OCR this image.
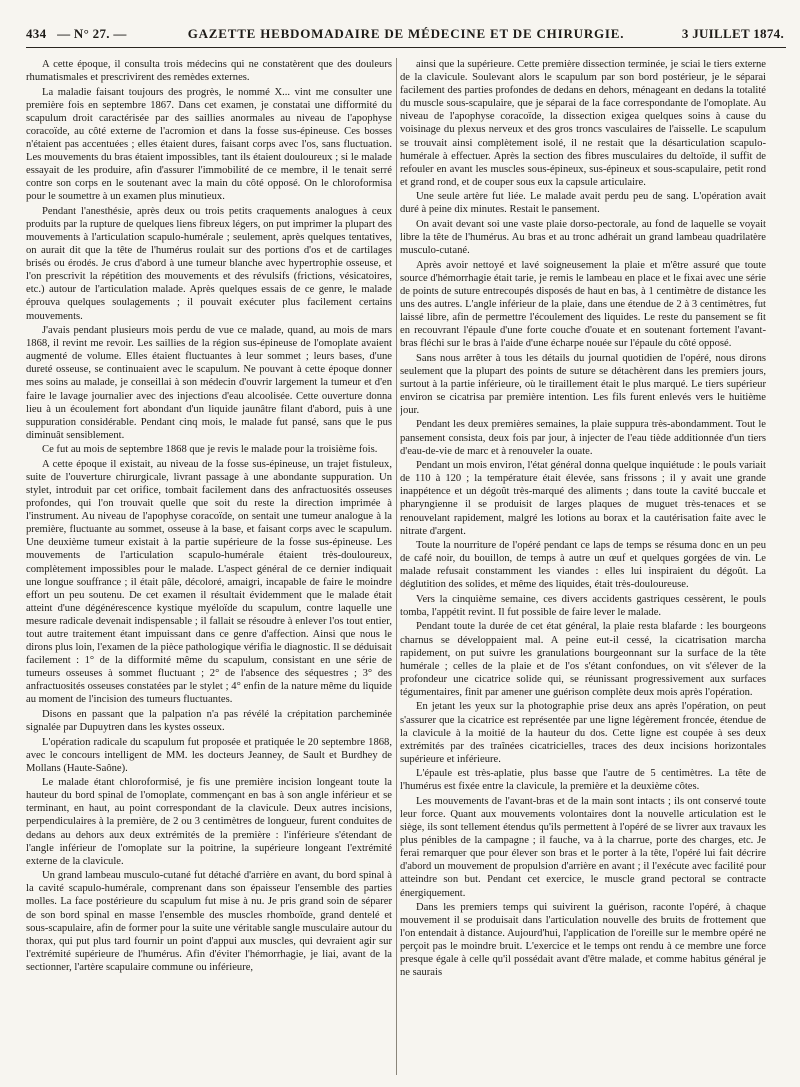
434 — N° 27. —	GAZETTE HEBDOMADAIRE DE MÉDECINE ET DE CHIRURGIE.	3 JUILLET 1874.

A cette époque, il consulta trois médecins qui ne constatèrent que des douleurs rhumatismales et prescrivirent des remèdes externes.

La maladie faisant toujours des progrès, le nommé X... vint me consulter une première fois en septembre 1867. Dans cet examen, je constatai une difformité du scapulum droit caractérisée par des saillies anormales au niveau de l'apophyse coracoïde, au côté externe de l'acromion et dans la fosse sus-épineuse. Ces bosses n'étaient pas accentuées ; elles étaient dures, faisant corps avec l'os, sans fluctuation. Les mouvements du bras étaient impossibles, tant ils étaient douloureux ; si le malade essayait de les produire, afin d'assurer l'immobilité de ce membre, il le tenait serré contre son corps en le soutenant avec la main du côté opposé. On le chloroformisa pour le soumettre à un examen plus minutieux.

Pendant l'anesthésie, après deux ou trois petits craquements analogues à ceux produits par la rupture de quelques liens fibreux légers, on put imprimer la plupart des mouvements à l'articulation scapulo-humérale ; seulement, après quelques tentatives, on aurait dit que la tête de l'humérus roulait sur des portions d'os et de cartilages brisés ou érodés. Je crus d'abord à une tumeur blanche avec hypertrophie osseuse, et l'on prescrivit la répétition des mouvements et des révulsifs (frictions, vésicatoires, etc.) autour de l'articulation malade. Après quelques essais de ce genre, le malade éprouva quelques soulagements ; il pouvait exécuter plus facilement certains mouvements.

J'avais pendant plusieurs mois perdu de vue ce malade, quand, au mois de mars 1868, il revint me revoir. Les saillies de la région sus-épineuse de l'omoplate avaient augmenté de volume. Elles étaient fluctuantes à leur sommet ; leurs bases, d'une dureté osseuse, se continuaient avec le scapulum. Ne pouvant à cette époque donner mes soins au malade, je conseillai à son médecin d'ouvrir largement la tumeur et d'en faire le lavage journalier avec des injections d'eau alcoolisée. Cette ouverture donna lieu à un écoulement fort abondant d'un liquide jaunâtre filant d'abord, puis à une suppuration considérable. Pendant cinq mois, le malade fut pansé, sans que le pus diminuât sensiblement.

Ce fut au mois de septembre 1868 que je revis le malade pour la troisième fois.

A cette époque il existait, au niveau de la fosse sus-épineuse, un trajet fistuleux, suite de l'ouverture chirurgicale, livrant passage à une abondante suppuration. Un stylet, introduit par cet orifice, tombait facilement dans des anfractuosités osseuses profondes, qui l'on trouvait quelle que soit du reste la direction imprimée à l'instrument. Au niveau de l'apophyse coracoïde, on sentait une tumeur analogue à la première, fluctuante au sommet, osseuse à la base, et faisant corps avec le scapulum. Une deuxième tumeur existait à la partie supérieure de la fosse sus-épineuse. Les mouvements de l'articulation scapulo-humérale étaient très-douloureux, complètement impossibles pour le malade. L'aspect général de ce dernier indiquait une longue souffrance ; il était pâle, décoloré, amaigri, incapable de faire le moindre effort un peu soutenu. De cet examen il résultait évidemment que le malade était atteint d'une dégénérescence kystique myéloïde du scapulum, contre laquelle une mesure radicale devenait indispensable ; il fallait se résoudre à enlever l'os tout entier, tout autre traitement étant impuissant dans ce genre d'affection. Ainsi que nous le dirons plus loin, l'examen de la pièce pathologique vérifia le diagnostic. Il se déduisait facilement : 1° de la difformité même du scapulum, consistant en une série de tumeurs osseuses à sommet fluctuant ; 2° de l'absence des séquestres ; 3° des anfractuosités osseuses constatées par le stylet ; 4° enfin de la nature même du liquide au moment de l'incision des tumeurs fluctuantes.

Disons en passant que la palpation n'a pas révélé la crépitation parcheminée signalée par Dupuytren dans les kystes osseux.

L'opération radicale du scapulum fut proposée et pratiquée le 20 septembre 1868, avec le concours intelligent de MM. les docteurs Jeanney, de Sault et Burdhey de Mollans (Haute-Saône).

Le malade étant chloroformisé, je fis une première incision longeant toute la hauteur du bord spinal de l'omoplate, commençant en bas à son angle inférieur et se terminant, en haut, au point correspondant de la clavicule. Deux autres incisions, perpendiculaires à la première, de 2 ou 3 centimètres de longueur, furent conduites de dedans au dehors aux deux extrémités de la première : l'inférieure s'étendant de l'angle inférieur de l'omoplate sur la poitrine, la supérieure longeant l'extrémité externe de la clavicule.

Un grand lambeau musculo-cutané fut détaché d'arrière en avant, du bord spinal à la cavité scapulo-humérale, comprenant dans son épaisseur l'ensemble des parties molles. La face postérieure du scapulum fut mise à nu. Je pris grand soin de séparer de son bord spinal en masse l'ensemble des muscles rhomboïde, grand dentelé et sous-scapulaire, afin de former pour la suite une véritable sangle musculaire autour du thorax, qui put plus tard fournir un point d'appui aux muscles, qui devraient agir sur l'extrémité supérieure de l'humérus. Afin d'éviter l'hémorrhagie, je liai, avant de la sectionner, l'artère scapulaire commune ou inférieure,

ainsi que la supérieure. Cette première dissection terminée, je sciai le tiers externe de la clavicule. Soulevant alors le scapulum par son bord postérieur, je le séparai facilement des parties profondes de dedans en dehors, ménageant en dedans la totalité du muscle sous-scapulaire, que je séparai de la face correspondante de l'omoplate. Au niveau de l'apophyse coracoïde, la dissection exigea quelques soins à cause du voisinage du plexus nerveux et des gros troncs vasculaires de l'aisselle. Le scapulum se trouvait ainsi complètement isolé, il ne restait que la désarticulation scapulo-humérale à effectuer. Après la section des fibres musculaires du deltoïde, il suffit de refouler en avant les muscles sous-épineux, sus-épineux et sous-scapulaire, petit rond et grand rond, et de couper sous eux la capsule articulaire.

Une seule artère fut liée. Le malade avait perdu peu de sang. L'opération avait duré à peine dix minutes. Restait le pansement.

On avait devant soi une vaste plaie dorso-pectorale, au fond de laquelle se voyait libre la tête de l'humérus. Au bras et au tronc adhérait un grand lambeau quadrilatère musculo-cutané.

Après avoir nettoyé et lavé soigneusement la plaie et m'être assuré que toute source d'hémorrhagie était tarie, je remis le lambeau en place et le fixai avec une série de points de suture entrecoupés disposés de haut en bas, à 1 centimètre de distance les uns des autres. L'angle inférieur de la plaie, dans une étendue de 2 à 3 centimètres, fut laissé libre, afin de permettre l'écoulement des liquides. Le reste du pansement se fit en recouvrant l'épaule d'une forte couche d'ouate et en soutenant fortement l'avant-bras fléchi sur le bras à l'aide d'une écharpe nouée sur l'épaule du côté opposé.

Sans nous arrêter à tous les détails du journal quotidien de l'opéré, nous dirons seulement que la plupart des points de suture se détachèrent dans les premiers jours, surtout à la partie inférieure, où le tiraillement était le plus marqué. Le tiers supérieur environ se cicatrisa par première intention. Les fils furent enlevés vers le huitième jour.

Pendant les deux premières semaines, la plaie suppura très-abondamment. Tout le pansement consista, deux fois par jour, à injecter de l'eau tiède additionnée d'un tiers d'eau-de-vie de marc et à renouveler la ouate.

Pendant un mois environ, l'état général donna quelque inquiétude : le pouls variait de 110 à 120 ; la température était élevée, sans frissons ; il y avait une grande inappétence et un dégoût très-marqué des aliments ; dans toute la cavité buccale et pharyngienne il se produisit de larges plaques de muguet très-tenaces et se renouvelant rapidement, malgré les lotions au borax et la cautérisation faite avec le nitrate d'argent.

Toute la nourriture de l'opéré pendant ce laps de temps se résuma donc en un peu de café noir, du bouillon, de temps à autre un œuf et quelques gorgées de vin. Le malade refusait constamment les viandes : elles lui inspiraient du dégoût. La déglutition des solides, et même des liquides, était très-douloureuse.

Vers la cinquième semaine, ces divers accidents gastriques cessèrent, le pouls tomba, l'appétit revint. Il fut possible de faire lever le malade.

Pendant toute la durée de cet état général, la plaie resta blafarde : les bourgeons charnus se développaient mal. A peine eut-il cessé, la cicatrisation marcha rapidement, on put suivre les granulations bourgeonnant sur la surface de la tête humérale ; celles de la plaie et de l'os s'étant confondues, on vit s'élever de la profondeur une cicatrice solide qui, se réunissant progressivement aux surfaces tégumentaires, finit par amener une guérison complète deux mois après l'opération.

En jetant les yeux sur la photographie prise deux ans après l'opération, on peut s'assurer que la cicatrice est représentée par une ligne légèrement froncée, étendue de la clavicule à la moitié de la hauteur du dos. Cette ligne est coupée à ses deux extrémités par des traînées cicatricielles, traces des deux incisions horizontales supérieure et inférieure.

L'épaule est très-aplatie, plus basse que l'autre de 5 centimètres. La tête de l'humérus est fixée entre la clavicule, la première et la deuxième côtes.

Les mouvements de l'avant-bras et de la main sont intacts ; ils ont conservé toute leur force. Quant aux mouvements volontaires dont la nouvelle articulation est le siège, ils sont tellement étendus qu'ils permettent à l'opéré de se livrer aux travaux les plus pénibles de la campagne ; il fauche, va à la charrue, porte des charges, etc. Je ferai remarquer que pour élever son bras et le porter à la tête, l'opéré lui fait décrire d'abord un mouvement de propulsion d'arrière en avant ; il l'exécute avec facilité pour atteindre son but. Pendant cet exercice, le muscle grand pectoral se contracte énergiquement.

Dans les premiers temps qui suivirent la guérison, raconte l'opéré, à chaque mouvement il se produisait dans l'articulation nouvelle des bruits de frottement que l'on entendait à distance. Aujourd'hui, l'application de l'oreille sur le membre opéré ne perçoit pas le moindre bruit. L'exercice et le temps ont rendu à ce membre une force presque égale à celle qu'il possédait avant d'être malade, et comme habitus général je ne saurais
